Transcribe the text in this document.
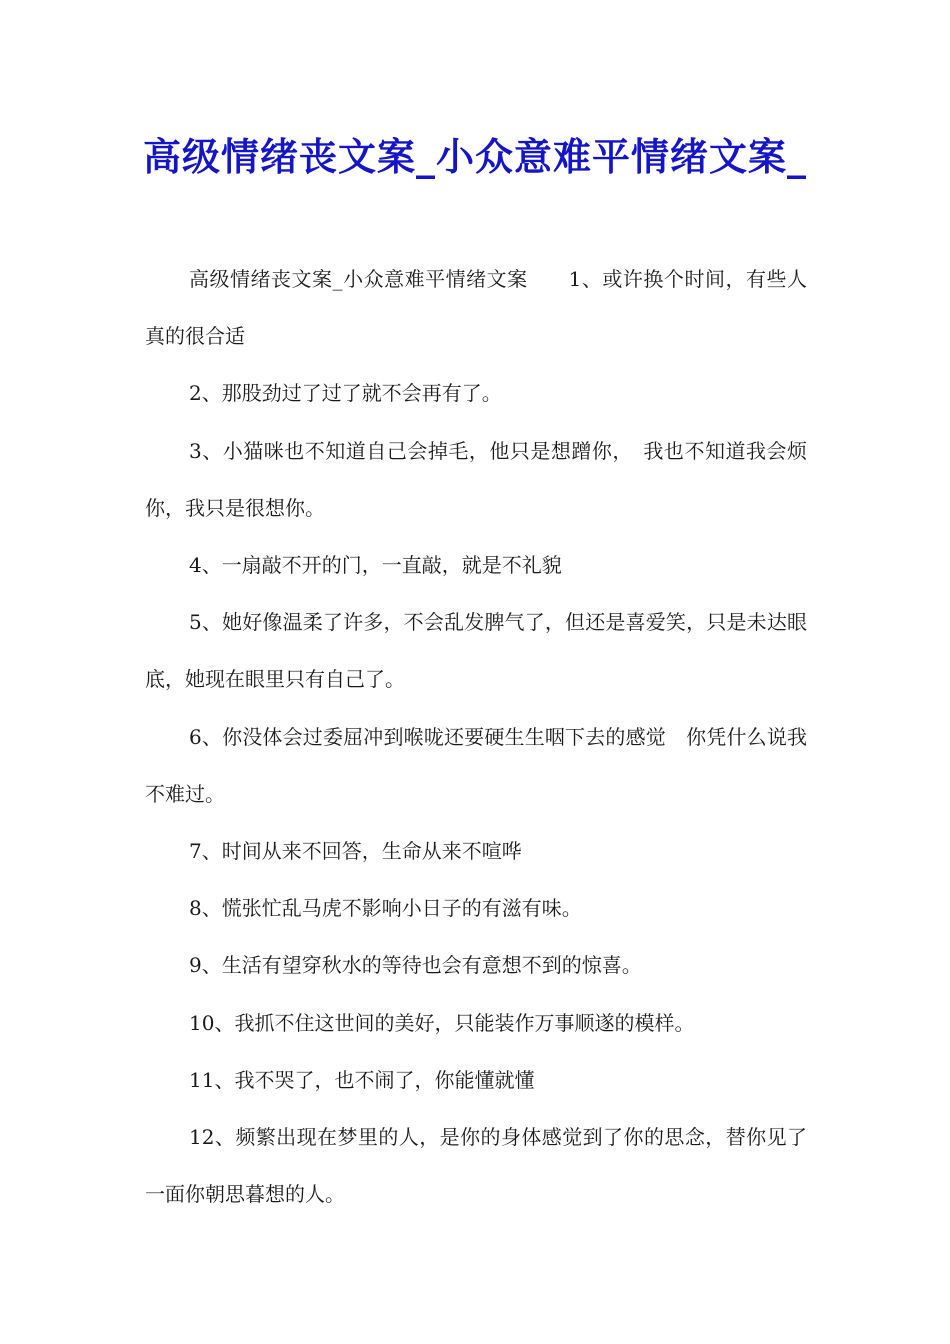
高级情绪丧文案_小众意难平情绪文案_

高级情绪丧文案_小众意难平情绪文案　　1、或许换个时间，有些人真的很合适

2、那股劲过了过了就不会再有了。

3、小猫咪也不知道自己会掉毛，他只是想蹭你，　我也不知道我会烦你，我只是很想你。

4、一扇敲不开的门，一直敲，就是不礼貌

5、她好像温柔了许多，不会乱发脾气了，但还是喜爱笑，只是未达眼底，她现在眼里只有自己了。

6、你没体会过委屈冲到喉咙还要硬生生咽下去的感觉　你凭什么说我不难过。

7、时间从来不回答，生命从来不喧哗

8、慌张忙乱马虎不影响小日子的有滋有味。

9、生活有望穿秋水的等待也会有意想不到的惊喜。

10、我抓不住这世间的美好，只能装作万事顺遂的模样。

11、我不哭了，也不闹了，你能懂就懂

12、频繁出现在梦里的人，是你的身体感觉到了你的思念，替你见了一面你朝思暮想的人。
